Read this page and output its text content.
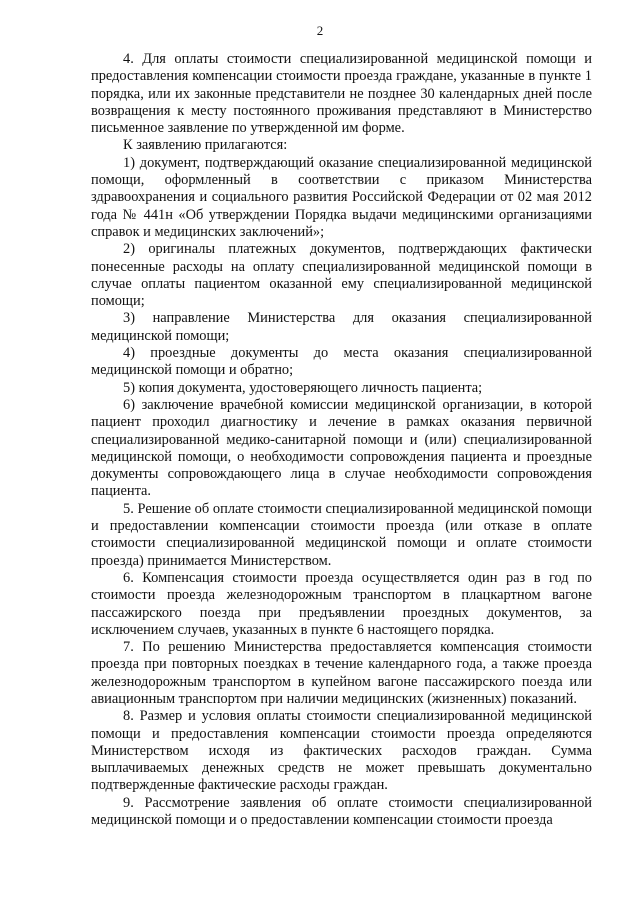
2

4. Для оплаты стоимости специализированной медицинской помощи и предоставления компенсации стоимости проезда граждане, указанные в пункте 1 порядка, или их законные представители не позднее 30 календарных дней после возвращения к месту постоянного проживания представляют в Министерство письменное заявление по утвержденной им форме.

К заявлению прилагаются:

1) документ, подтверждающий оказание специализированной медицинской помощи, оформленный в соответствии с приказом Министерства здравоохранения и социального развития Российской Федерации от 02 мая 2012 года № 441н «Об утверждении Порядка выдачи медицинскими организациями справок и медицинских заключений»;

2) оригиналы платежных документов, подтверждающих фактически понесенные расходы на оплату специализированной медицинской помощи в случае оплаты пациентом оказанной ему специализированной медицинской помощи;

3) направление Министерства для оказания специализированной медицинской помощи;

4) проездные документы до места оказания специализированной медицинской помощи и обратно;

5) копия документа, удостоверяющего личность пациента;

6) заключение врачебной комиссии медицинской организации, в которой пациент проходил диагностику и лечение в рамках оказания первичной специализированной медико-санитарной помощи и (или) специализированной медицинской помощи, о необходимости сопровождения пациента и проездные документы сопровождающего лица в случае необходимости сопровождения пациента.

5. Решение об оплате стоимости специализированной медицинской помощи и предоставлении компенсации стоимости проезда (или отказе в оплате стоимости специализированной медицинской помощи и оплате стоимости проезда) принимается Министерством.

6. Компенсация стоимости проезда осуществляется один раз в год по стоимости проезда железнодорожным транспортом в плацкартном вагоне пассажирского поезда при предъявлении проездных документов, за исключением случаев, указанных в пункте 6 настоящего порядка.

7. По решению Министерства предоставляется компенсация стоимости проезда при повторных поездках в течение календарного года, а также проезда железнодорожным транспортом в купейном вагоне пассажирского поезда или авиационным транспортом при наличии медицинских (жизненных) показаний.

8. Размер и условия оплаты стоимости специализированной медицинской помощи и предоставления компенсации стоимости проезда определяются Министерством исходя из фактических расходов граждан. Сумма выплачиваемых денежных средств не может превышать документально подтвержденные фактические расходы граждан.

9. Рассмотрение заявления об оплате стоимости специализированной медицинской помощи и о предоставлении компенсации стоимости проезда
